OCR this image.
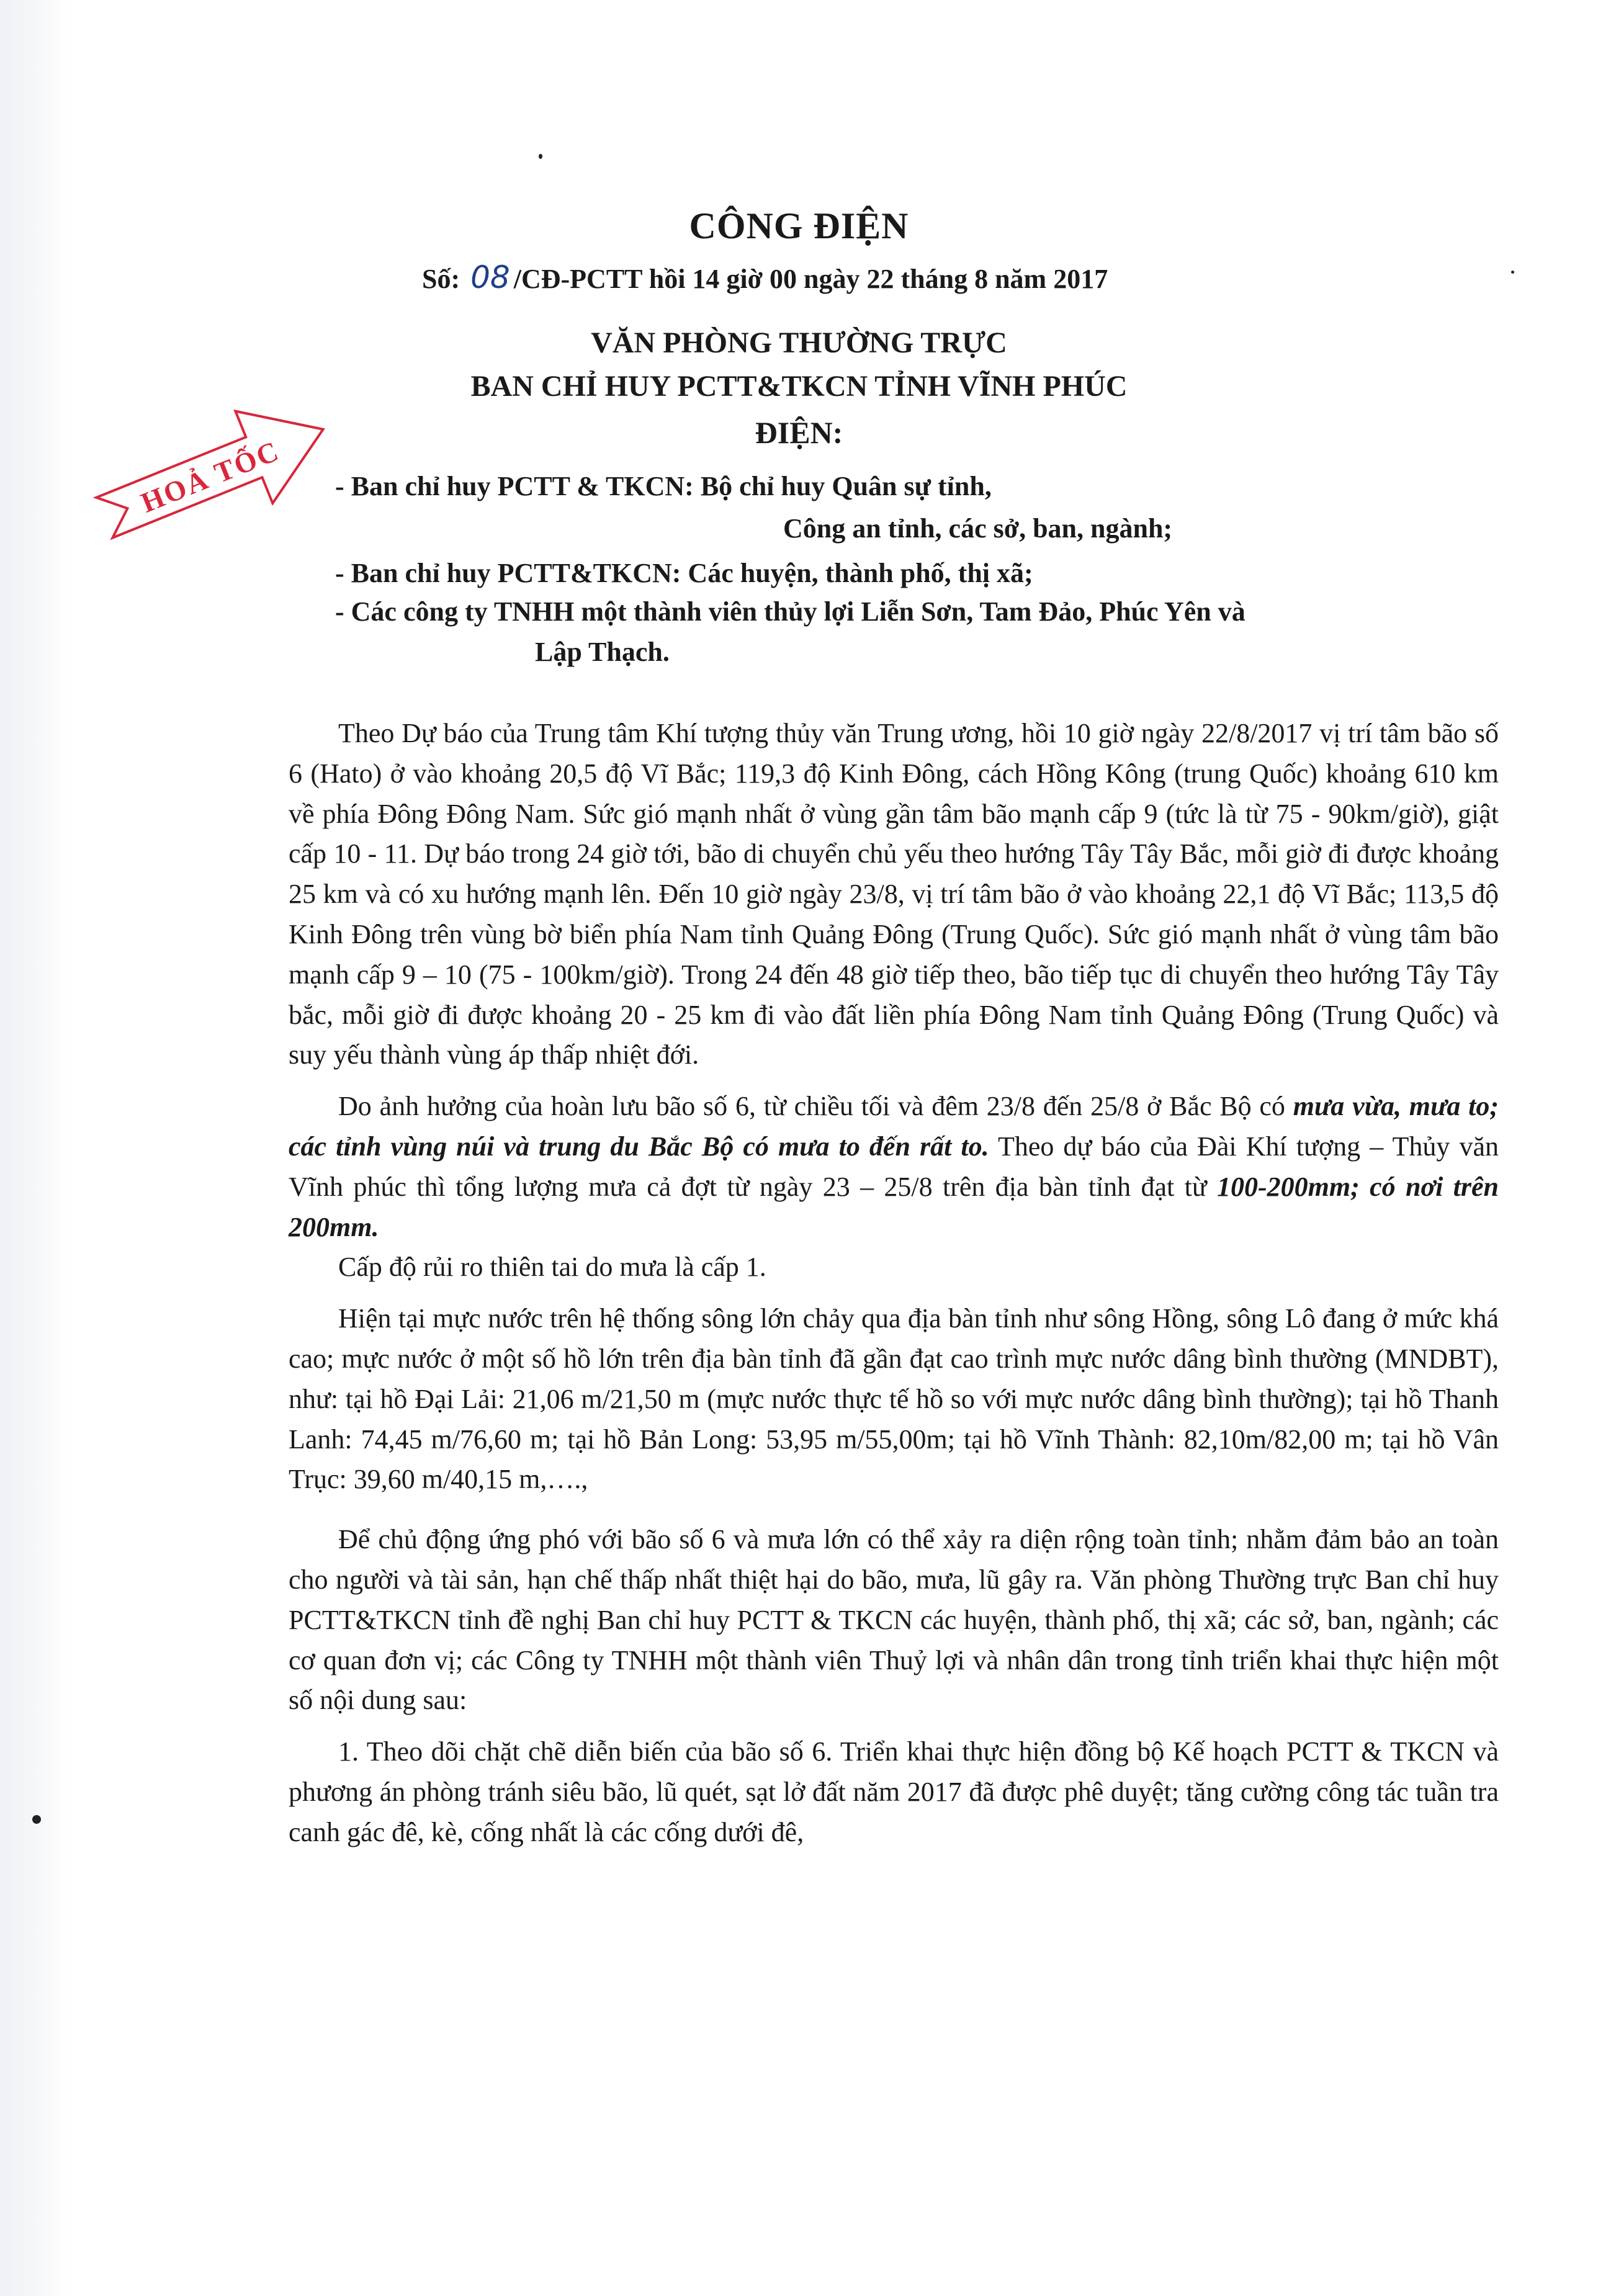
CÔNG ĐIỆN
Số: 08 /CĐ-PCTT hồi 14 giờ 00 ngày 22 tháng 8 năm 2017
VĂN PHÒNG THƯỜNG TRỰC
BAN CHỈ HUY PCTT&TKCN TỈNH VĨNH PHÚC
ĐIỆN:
HOẢ TỐC - Ban chỉ huy PCTT & TKCN: Bộ chỉ huy Quân sự tỉnh,
Công an tỉnh, các sở, ban, ngành;
- Ban chỉ huy PCTT&TKCN: Các huyện, thành phố, thị xã;
- Các công ty TNHH một thành viên thủy lợi Liễn Sơn, Tam Đảo, Phúc Yên và
Lập Thạch.

Theo Dự báo của Trung tâm Khí tượng thủy văn Trung ương, hồi 10 giờ ngày 22/8/2017 vị trí tâm bão số 6 (Hato) ở vào khoảng 20,5 độ Vĩ Bắc; 119,3 độ Kinh Đông, cách Hồng Kông (trung Quốc) khoảng 610 km về phía Đông Đông Nam. Sức gió mạnh nhất ở vùng gần tâm bão mạnh cấp 9 (tức là từ 75 - 90km/giờ), giật cấp 10 - 11. Dự báo trong 24 giờ tới, bão di chuyển chủ yếu theo hướng Tây Tây Bắc, mỗi giờ đi được khoảng 25 km và có xu hướng mạnh lên. Đến 10 giờ ngày 23/8, vị trí tâm bão ở vào khoảng 22,1 độ Vĩ Bắc; 113,5 độ Kinh Đông trên vùng bờ biển phía Nam tỉnh Quảng Đông (Trung Quốc). Sức gió mạnh nhất ở vùng tâm bão mạnh cấp 9 – 10 (75 - 100km/giờ). Trong 24 đến 48 giờ tiếp theo, bão tiếp tục di chuyển theo hướng Tây Tây bắc, mỗi giờ đi được khoảng 20 - 25 km đi vào đất liền phía Đông Nam tỉnh Quảng Đông (Trung Quốc) và suy yếu thành vùng áp thấp nhiệt đới.

Do ảnh hưởng của hoàn lưu bão số 6, từ chiều tối và đêm 23/8 đến 25/8 ở Bắc Bộ có mưa vừa, mưa to; các tỉnh vùng núi và trung du Bắc Bộ có mưa to đến rất to. Theo dự báo của Đài Khí tượng – Thủy văn Vĩnh phúc thì tổng lượng mưa cả đợt từ ngày 23 – 25/8 trên địa bàn tỉnh đạt từ 100-200mm; có nơi trên 200mm.

Cấp độ rủi ro thiên tai do mưa là cấp 1.

Hiện tại mực nước trên hệ thống sông lớn chảy qua địa bàn tỉnh như sông Hồng, sông Lô đang ở mức khá cao; mực nước ở một số hồ lớn trên địa bàn tỉnh đã gần đạt cao trình mực nước dâng bình thường (MNDBT), như: tại hồ Đại Lải: 21,06 m/21,50 m (mực nước thực tế hồ so với mực nước dâng bình thường); tại hồ Thanh Lanh: 74,45 m/76,60 m; tại hồ Bản Long: 53,95 m/55,00m; tại hồ Vĩnh Thành: 82,10m/82,00 m; tại hồ Vân Trục: 39,60 m/40,15 m,….,

Để chủ động ứng phó với bão số 6 và mưa lớn có thể xảy ra diện rộng toàn tỉnh; nhằm đảm bảo an toàn cho người và tài sản, hạn chế thấp nhất thiệt hại do bão, mưa, lũ gây ra. Văn phòng Thường trực Ban chỉ huy PCTT&TKCN tỉnh đề nghị Ban chỉ huy PCTT & TKCN các huyện, thành phố, thị xã; các sở, ban, ngành; các cơ quan đơn vị; các Công ty TNHH một thành viên Thuỷ lợi và nhân dân trong tỉnh triển khai thực hiện một số nội dung sau:

1. Theo dõi chặt chẽ diễn biến của bão số 6. Triển khai thực hiện đồng bộ Kế hoạch PCTT & TKCN và phương án phòng tránh siêu bão, lũ quét, sạt lở đất năm 2017 đã được phê duyệt; tăng cường công tác tuần tra canh gác đê, kè, cống nhất là các cống dưới đê,
